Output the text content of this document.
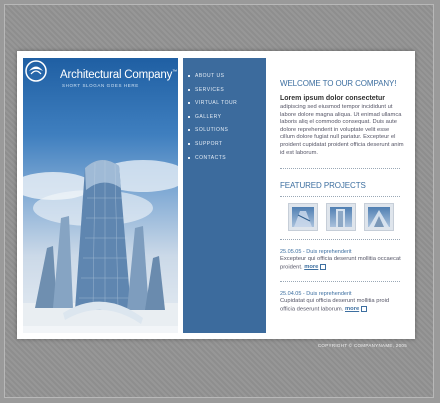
Architectural Company™
SHORT SLOGAN GOES HERE
ABOUT US
SERVICES
VIRTUAL TOUR
GALLERY
SOLUTIONS
SUPPORT
CONTACTS
WELCOME TO OUR COMPANY!
Lorem ipsum dolor consectetur
adipiscing sed eiusmod tempor incididunt ut labore dolore magna aliqua. Ut enimad ullamca laboris aliq el commodo consequat. Duis aute dolore reprehenderit in voluptate velit esse cillum dolore fugiat null pariatur. Excepteur el proident cupidatat proident officia deserunt anim id est laborum.
FEATURED PROJECTS
25.05.05 - Duis reprehenderit
Excepteur qui officia deserunt mollitia occaecat proident. more
25.04.05 - Duis reprehenderit
Cupidatat qui officia deserunt mollitia proid officia deserunt laborum. more
COPYRIGHT © COMPANYNAME, 2005
